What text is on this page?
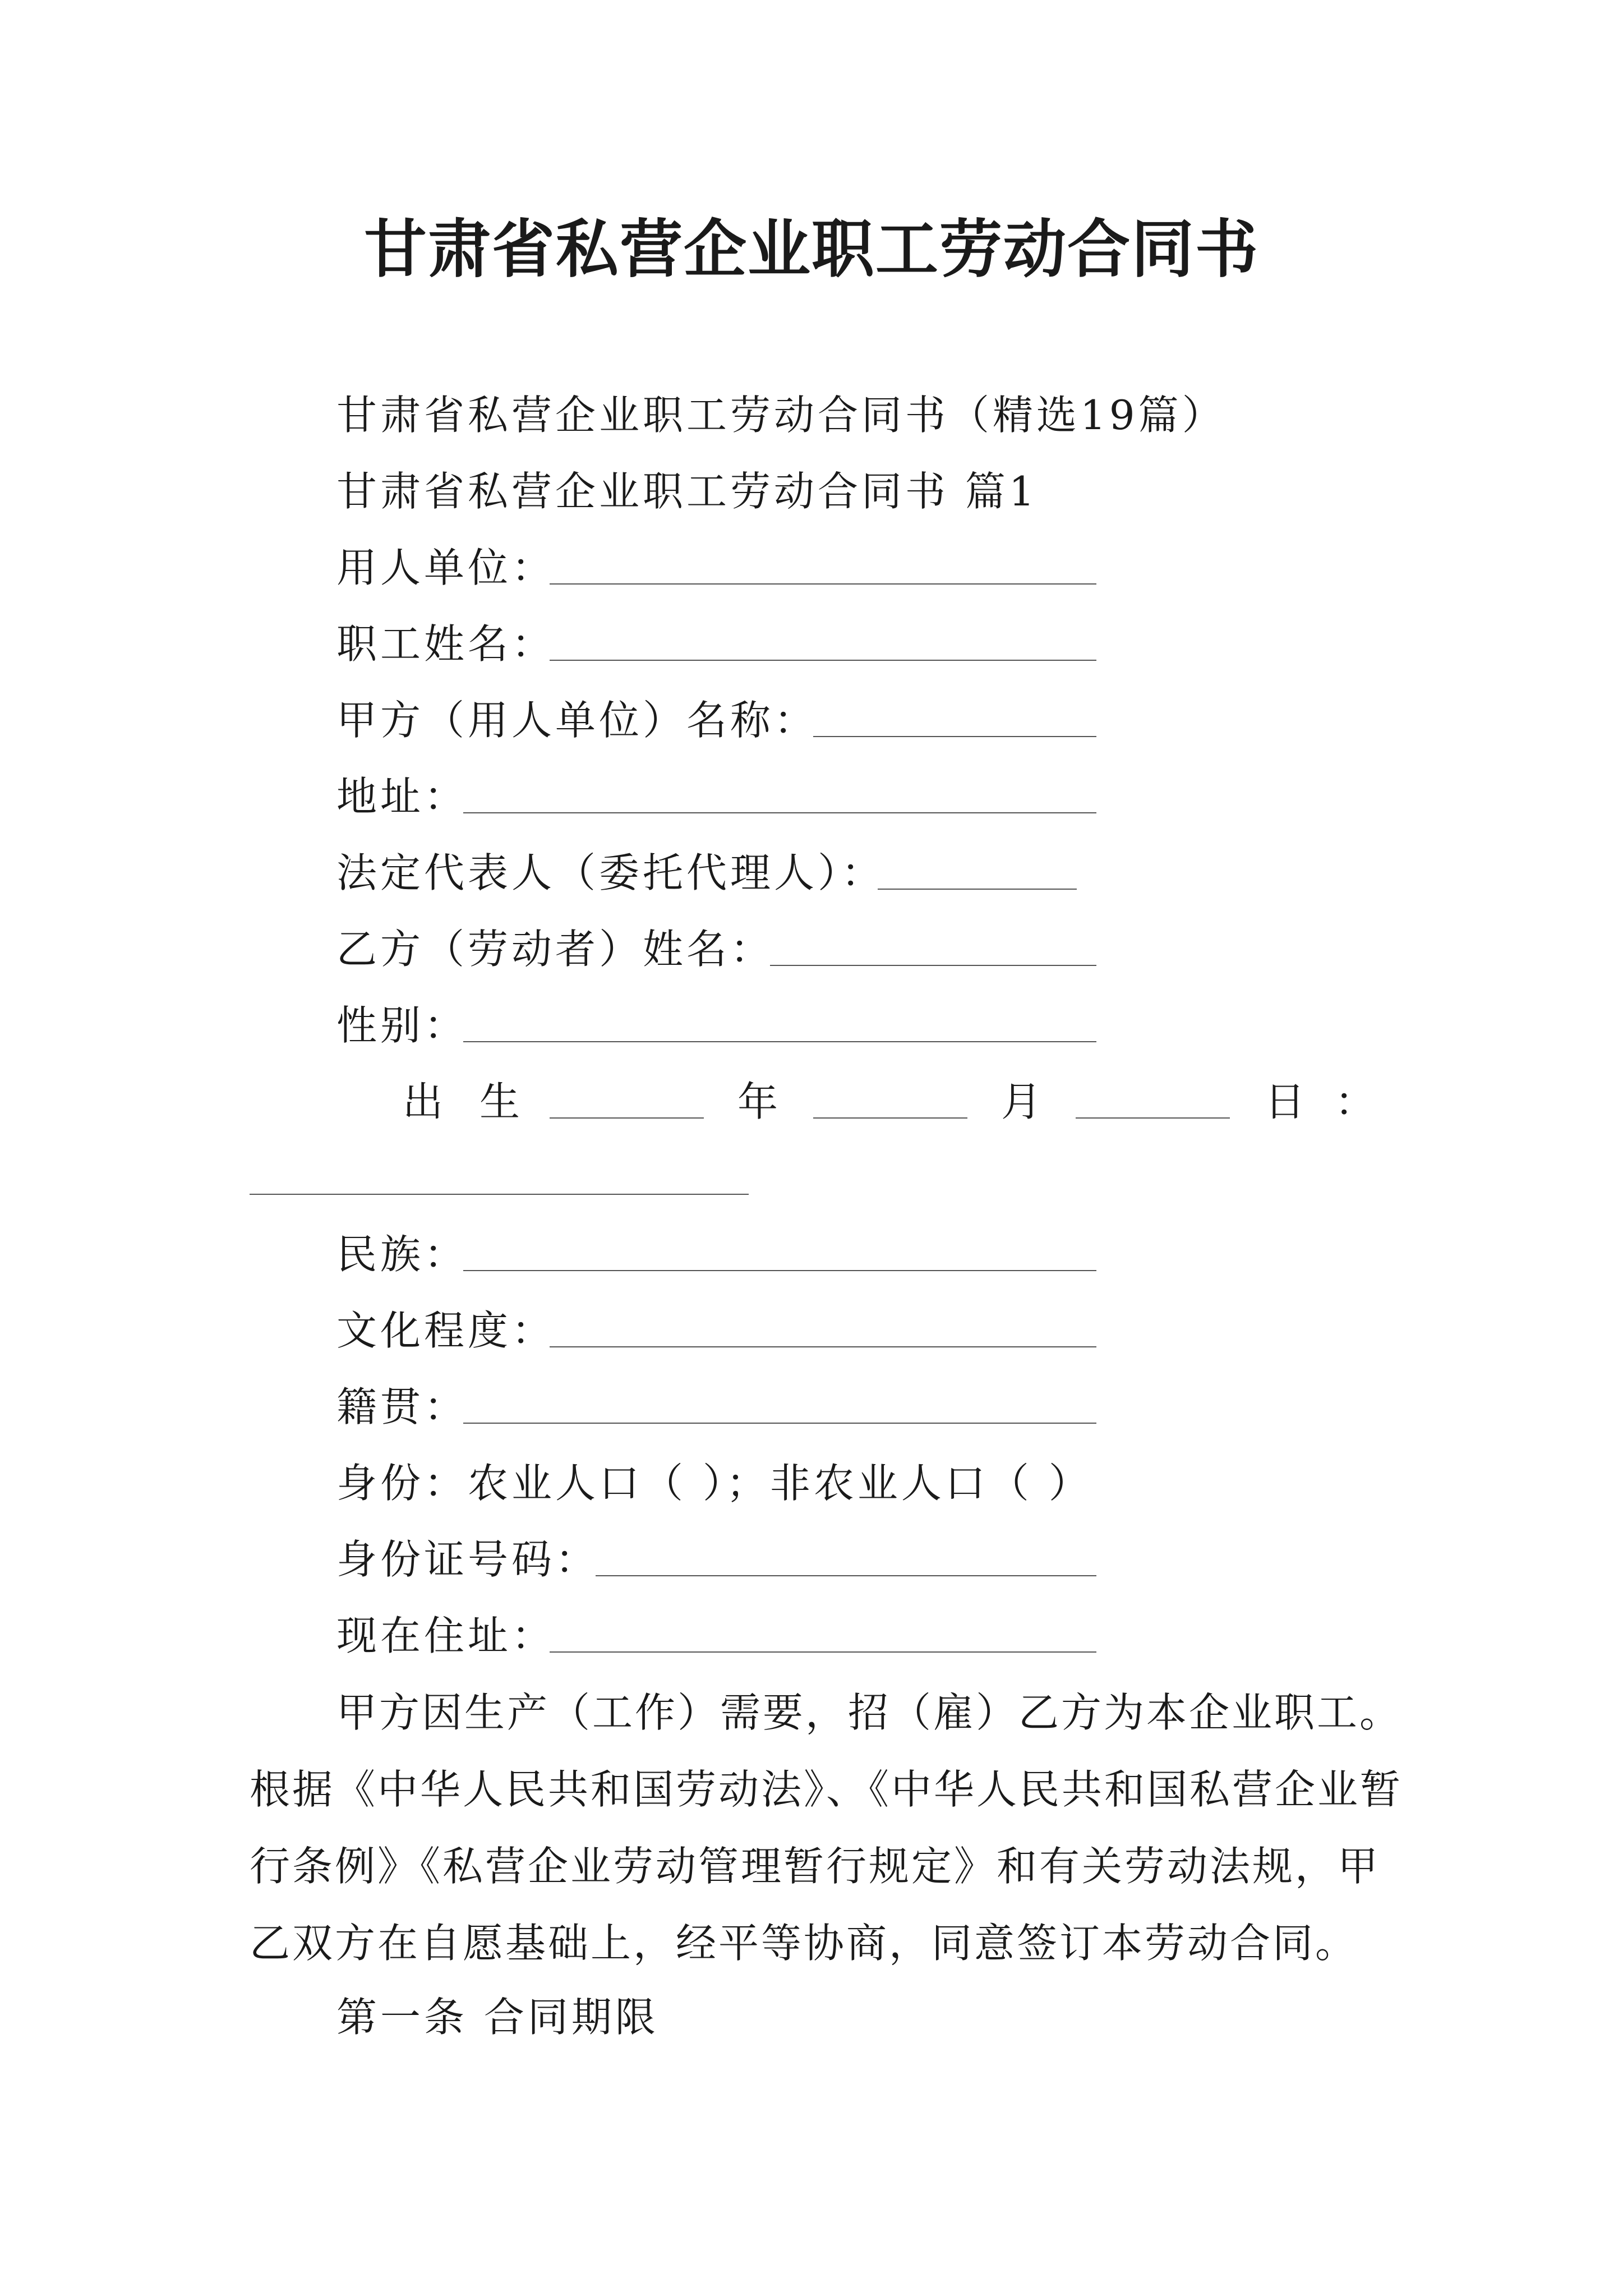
甘肃省私营企业职工劳动合同书
甘肃省私营企业职工劳动合同书（精选19篇）
甘肃省私营企业职工劳动合同书 篇1
用人单位：
职工姓名：
甲方（用人单位）名称：
地址：
法定代表人（委托代理人）：
乙方（劳动者）姓名：
性别：
出 生	年	月	日 ：
民族：
文化程度：
籍贯：
身份：农业人口（ ）；非农业人口（ ）
身份证号码：
现在住址：
甲方因生产（工作）需要，招（雇）乙方为本企业职工。根据《中华人民共和国劳动法》、《中华人民共和国私营企业暂行条例》《私营企业劳动管理暂行规定》和有关劳动法规，甲乙双方在自愿基础上，经平等协商，同意签订本劳动合同。
第一条 合同期限
